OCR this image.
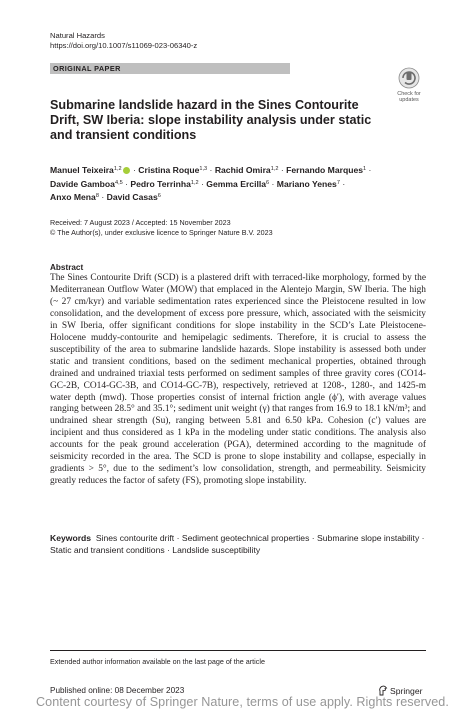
Natural Hazards
https://doi.org/10.1007/s11069-023-06340-z
ORIGINAL PAPER
Check for
updates
Submarine landslide hazard in the Sines Contourite Drift, SW Iberia: slope instability analysis under static and transient conditions
Manuel Teixeira$^{1,2}$ · Cristina Roque$^{1,3}$ · Rachid Omira$^{1,2}$ · Fernando Marques$^1$ ·
Davide Gamboa$^{4,5}$ · Pedro Terrinha$^{1,2}$ · Gemma Ercilla$^6$ · Mariano Yenes$^7$ ·
Anxo Mena$^8$ · David Casas$^6$
Received: 7 August 2023 / Accepted: 15 November 2023
© The Author(s), under exclusive licence to Springer Nature B.V. 2023
Abstract
The Sines Contourite Drift (SCD) is a plastered drift with terraced-like morphology, formed by the Mediterranean Outflow Water (MOW) that emplaced in the Alentejo Margin, SW Iberia. The high (~ 27 cm/kyr) and variable sedimentation rates experienced since the Pleistocene resulted in low consolidation, and the development of excess pore pressure, which, associated with the seismicity in SW Iberia, offer significant conditions for slope instability in the SCD’s Late Pleistocene-Holocene muddy-contourite and hemipelagic sediments. Therefore, it is crucial to assess the susceptibility of the area to submarine landslide hazards. Slope instability is assessed both under static and transient conditions, based on the sediment mechanical properties, obtained through drained and undrained triaxial tests performed on sediment samples of three gravity cores (CO14-GC-2B, CO14-GC-3B, and CO14-GC-7B), respectively, retrieved at 1208-, 1280-, and 1425-m water depth (mwd). Those properties consist of internal friction angle (ϕ′), with average values ranging between 28.5° and 35.1°; sediment unit weight (γ) that ranges from 16.9 to 18.1 kN/m³; and undrained shear strength (Su), ranging between 5.81 and 6.50 kPa. Cohesion (c′) values are incipient and thus considered as 1 kPa in the modeling under static conditions. The analysis also accounts for the peak ground acceleration (PGA), determined according to the magnitude of seismicity recorded in the area. The SCD is prone to slope instability and collapse, especially in gradients > 5°, due to the sediment’s low consolidation, strength, and permeability. Seismicity greatly reduces the factor of safety (FS), promoting slope instability.
Keywords Sines contourite drift · Sediment geotechnical properties · Submarine slope instability · Static and transient conditions · Landslide susceptibility
Extended author information available on the last page of the article
Published online: 08 December 2023	Springer
Content courtesy of Springer Nature, terms of use apply. Rights reserved.
